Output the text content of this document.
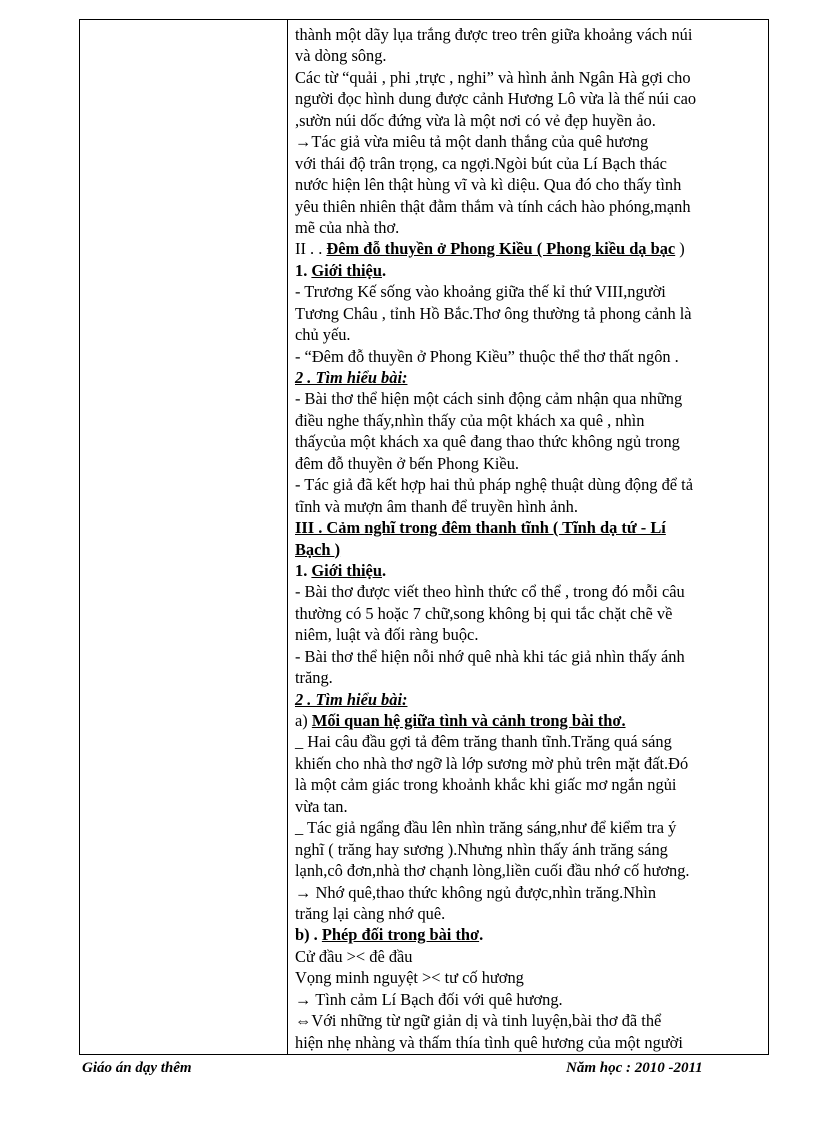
thành một dãy lụa trắng được treo trên giữa khoảng vách núi
và dòng sông.
Các từ “quải , phi ,trực , nghi” và hình ảnh Ngân Hà gợi cho
người đọc hình dung được cảnh Hương Lô vừa là thế núi cao
,sườn núi dốc đứng vừa là một nơi có vẻ đẹp huyền ảo.
→Tác giả vừa miêu tả một danh thắng của quê hương
với thái độ trân trọng, ca ngợi.Ngòi bút của Lí Bạch thác
nước hiện lên thật hùng vĩ và kì diệu. Qua đó cho thấy tình
yêu thiên nhiên thật đằm thắm và tính cách hào phóng,mạnh
mẽ của nhà thơ.
II . . Đêm đỗ thuyền ở Phong Kiều ( Phong kiều dạ bạc )
1. Giới thiệu.
- Trương Kế sống vào khoảng giữa thế kỉ thứ VIII,người
Tương Châu , tỉnh Hồ Bắc.Thơ ông thường tả phong cảnh là
chủ yếu.
- “Đêm đỗ thuyền ở Phong Kiều” thuộc thể thơ thất ngôn .
2 . Tìm hiểu bài:
- Bài thơ thể hiện một cách sinh động cảm nhận qua những
điều nghe thấy,nhìn thấy của một khách xa quê , nhìn
thấycủa một khách xa quê đang thao thức không ngủ trong
đêm đỗ thuyền ở bến Phong Kiều.
- Tác giả đã kết hợp hai thủ pháp nghệ thuật dùng động để tả
tĩnh và mượn âm thanh để truyền hình ảnh.
III . Cảm nghĩ trong đêm thanh tĩnh ( Tĩnh dạ tứ - Lí
Bạch )
1. Giới thiệu.
- Bài thơ được viết theo hình thức cổ thể , trong đó mỗi câu
thường có 5 hoặc 7 chữ,song không bị qui tắc chặt chẽ về
niêm, luật và đối ràng buộc.
- Bài thơ thể hiện nỗi nhớ quê nhà khi tác giả nhìn thấy ánh
trăng.
2 . Tìm hiểu bài:
a) Mối quan hệ giữa tình và cảnh trong bài thơ.
_ Hai câu đầu gợi tả đêm trăng thanh tĩnh.Trăng quá sáng
khiến cho nhà thơ ngỡ là lớp sương mờ phủ trên mặt đất.Đó
là một cảm giác trong khoảnh khắc khi giấc mơ ngắn ngủi
vừa tan.
_ Tác giả ngẩng đầu lên nhìn trăng sáng,như để kiểm tra ý
nghĩ ( trăng hay sương ).Nhưng nhìn thấy ánh trăng sáng
lạnh,cô đơn,nhà thơ chạnh lòng,liền cuối đầu nhớ cố hương.
→ Nhớ quê,thao thức không ngủ được,nhìn trăng.Nhìn
trăng lại càng nhớ quê.
b) . Phép đối trong bài thơ.
Cử đầu >< đê đầu
Vọng minh nguyệt >< tư cố hương
→ Tình cảm Lí Bạch đối với quê hương.
⇔Với những từ ngữ giản dị và tinh luyện,bài thơ đã thể
hiện nhẹ nhàng và thấm thía tình quê hương của một người
Giáo án dạy thêm	Năm học : 2010 -2011
